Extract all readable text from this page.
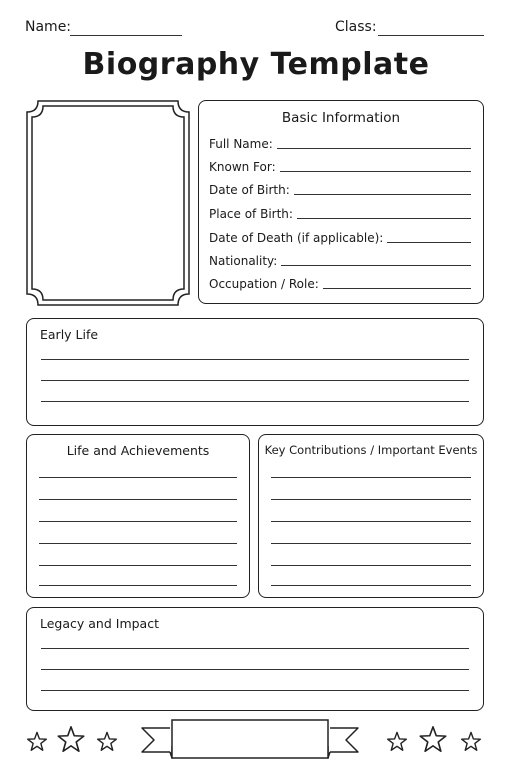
Name:	Class:
Biography Template
Basic Information
Full Name:
Known For:
Date of Birth:
Place of Birth:
Date of Death (if applicable):
Nationality:
Occupation / Role:
Early Life
Life and Achievements	Key Contributions / Important Events
Legacy and Impact
